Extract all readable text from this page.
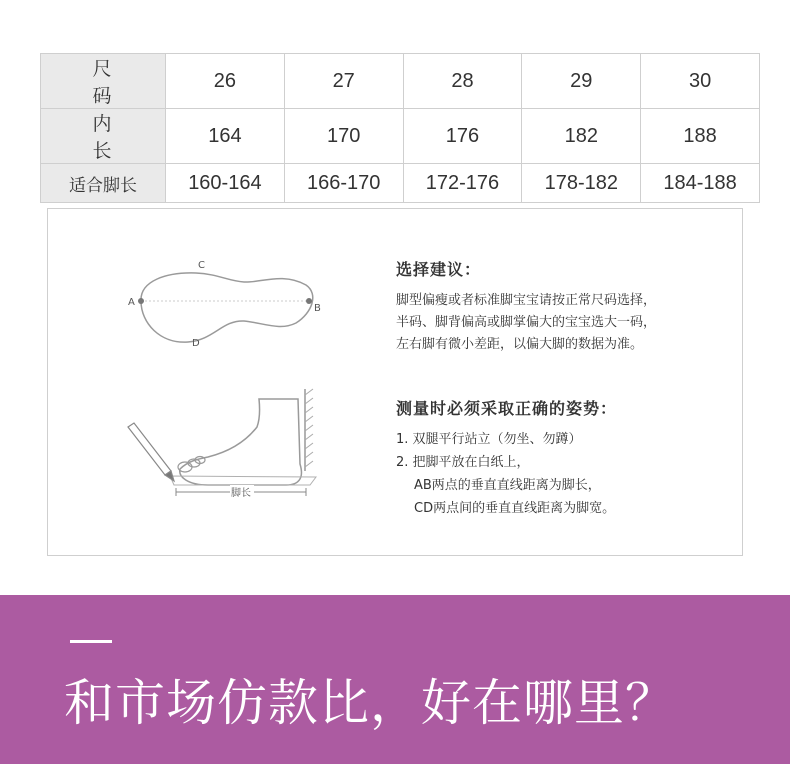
尺 码	26	27	28	29	30
内 长	164	170	176	182	188
适合脚长	160-164	166-170	172-176	178-182	184-188
A
B
C
D
脚长
选择建议：
脚型偏瘦或者标准脚宝宝请按正常尺码选择，
半码、脚背偏高或脚掌偏大的宝宝选大一码，
左右脚有微小差距，以偏大脚的数据为准。
测量时必须采取正确的姿势：
1. 双腿平行站立（勿坐、勿蹲）
2. 把脚平放在白纸上，
AB两点的垂直直线距离为脚长，
CD两点间的垂直直线距离为脚宽。
和市场仿款比，好在哪里？
